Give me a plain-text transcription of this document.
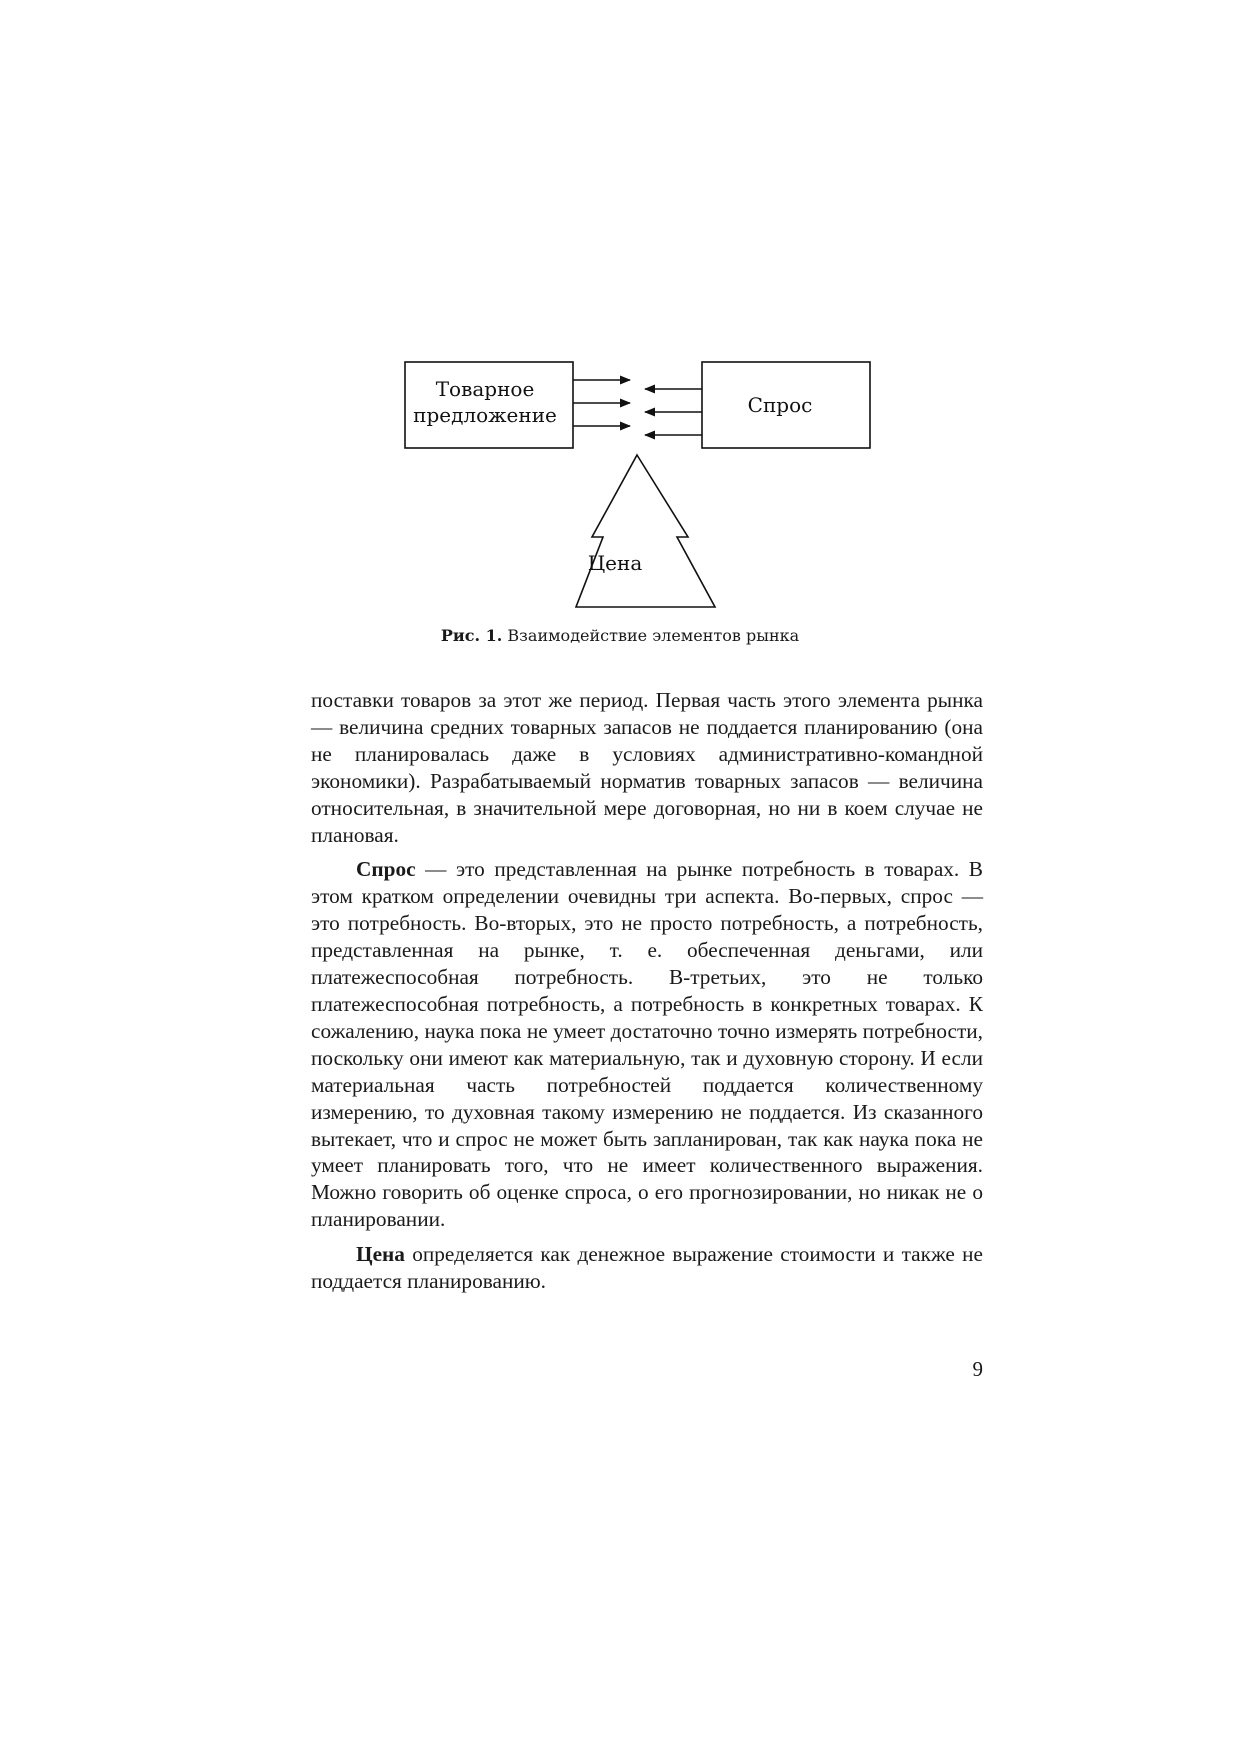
Товарное
предложение	Спрос
Цена
Рис. 1. Взаимодействие элементов рынка

поставки товаров за этот же период. Первая часть этого элемента рынка — величина средних товарных запасов не поддается планированию (она не планировалась даже в условиях административно-командной экономики). Разрабатываемый норматив товарных запасов — величина относительная, в значительной мере договорная, но ни в коем случае не плановая.

Спрос — это представленная на рынке потребность в товарах. В этом кратком определении очевидны три аспекта. Во-первых, спрос — это потребность. Во-вторых, это не просто потребность, а потребность, представленная на рынке, т. е. обеспеченная деньгами, или платежеспособная потребность. В-третьих, это не только платежеспособная потребность, а потребность в конкретных товарах. К сожалению, наука пока не умеет достаточно точно измерять потребности, поскольку они имеют как материальную, так и духовную сторону. И если материальная часть потребностей поддается количественному измерению, то духовная такому измерению не поддается. Из сказанного вытекает, что и спрос не может быть запланирован, так как наука пока не умеет планировать того, что не имеет количественного выражения. Можно говорить об оценке спроса, о его прогнозировании, но никак не о планировании.

Цена определяется как денежное выражение стоимости и также не поддается планированию.

9
